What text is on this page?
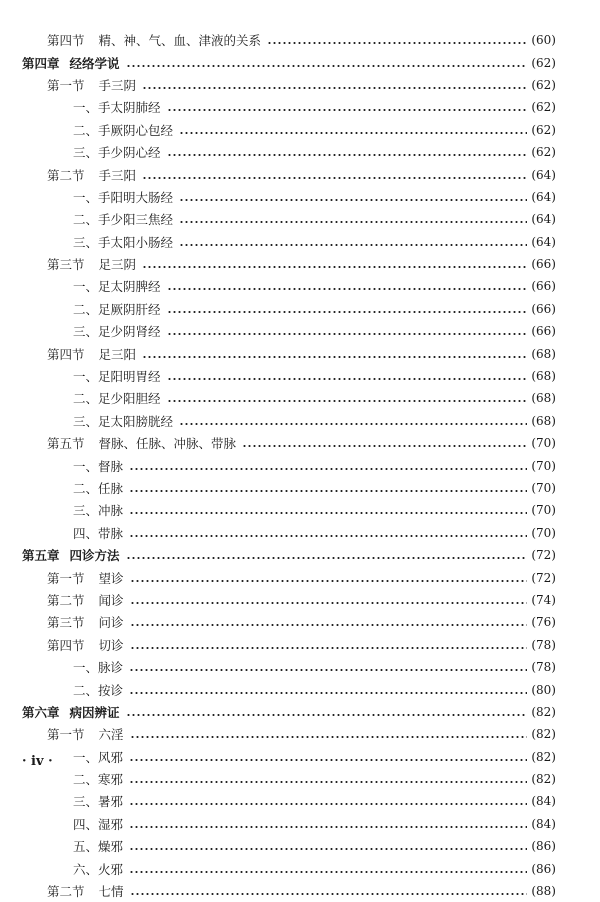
第四节 精、神、气、血、津液的关系	(60)
第四章 经络学说	(62)
第一节 手三阴	(62)
一、手太阴肺经	(62)
二、手厥阴心包经	(62)
三、手少阴心经	(62)
第二节 手三阳	(64)
一、手阳明大肠经	(64)
二、手少阳三焦经	(64)
三、手太阳小肠经	(64)
第三节 足三阴	(66)
一、足太阴脾经	(66)
二、足厥阴肝经	(66)
三、足少阴肾经	(66)
第四节 足三阳	(68)
一、足阳明胃经	(68)
二、足少阳胆经	(68)
三、足太阳膀胱经	(68)
第五节 督脉、任脉、冲脉、带脉	(70)
一、督脉	(70)
二、任脉	(70)
三、冲脉	(70)
四、带脉	(70)
第五章 四诊方法	(72)
第一节 望诊	(72)
第二节 闻诊	(74)
第三节 问诊	(76)
第四节 切诊	(78)
一、脉诊	(78)
二、按诊	(80)
第六章 病因辨证	(82)
第一节 六淫	(82)
一、风邪	(82)
二、寒邪	(82)
三、暑邪	(84)
四、湿邪	(84)
五、燥邪	(86)
六、火邪	(86)
第二节 七情	(88)
· iv ·
